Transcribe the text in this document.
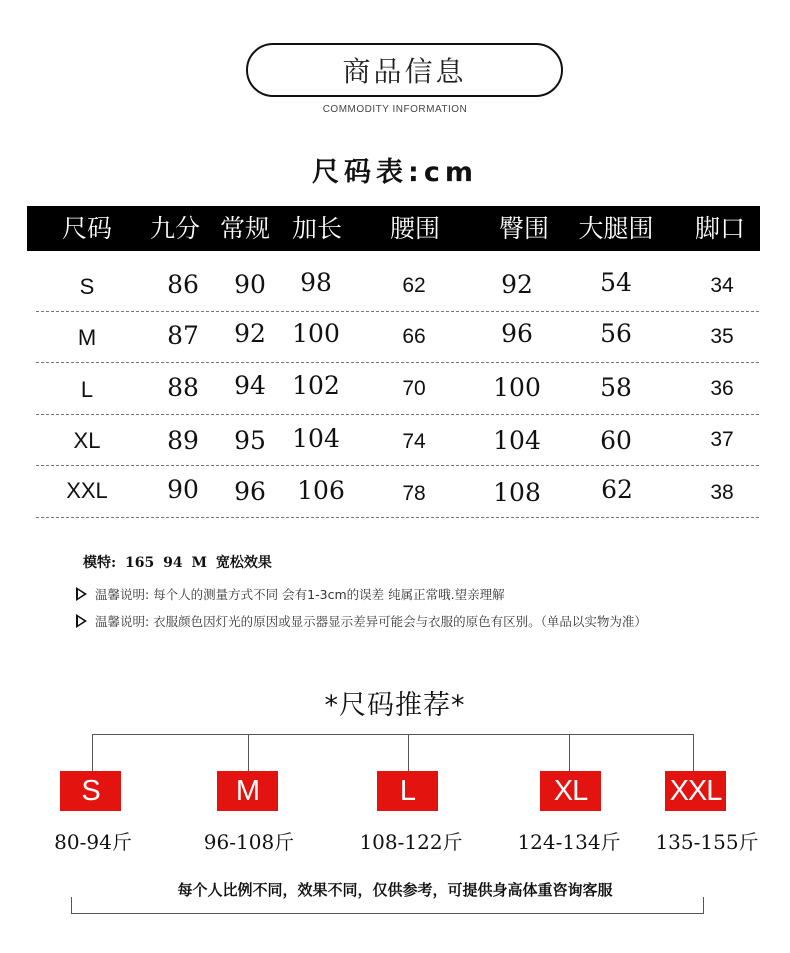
商品信息
COMMODITY INFORMATION
尺码表:cm
尺码 九分 常规 加长 腰围 臀围 大腿围 脚口
S	86 90 98	62	92	54	34
M	87 92 100	66	96	56	35
L	88 94 102	70	100 58	36
XL	89 95 104	74	104 60	37
XXL 90 96 106	78	108 62	38
模特: 165 94 M 宽松效果
温馨说明: 每个人的测量方式不同 会有1-3cm的误差 纯属正常哦.望亲理解
温馨说明: 衣服颜色因灯光的原因或显示器显示差异可能会与衣服的原色有区别。（单品以实物为准）
*尺码推荐*
S	M	L	XL	XXL
80-94斤	96-108斤	108-122斤	124-134斤 135-155斤
每个人比例不同，效果不同，仅供参考，可提供身高体重咨询客服
